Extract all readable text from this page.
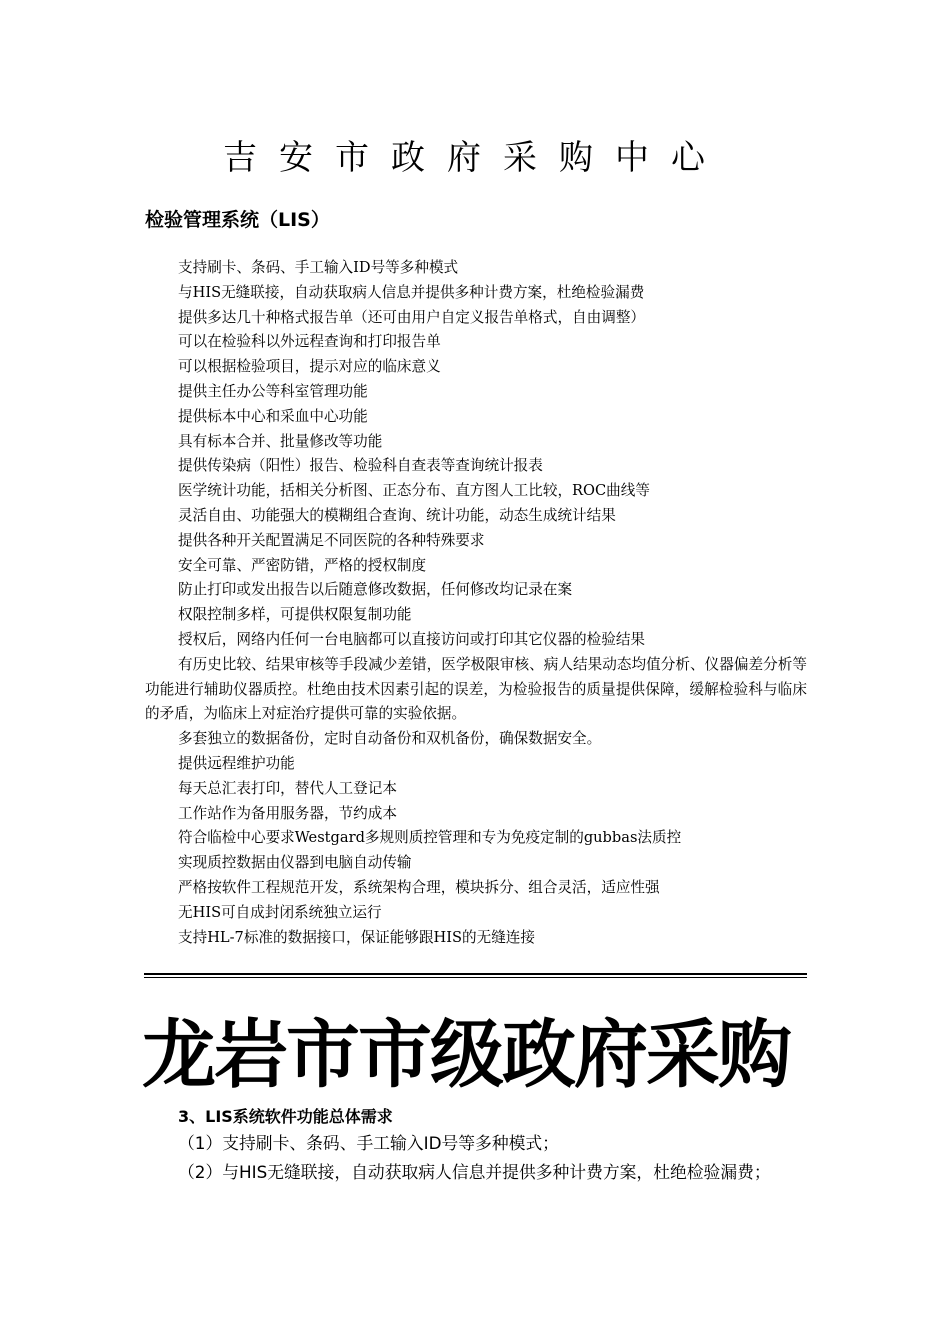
吉安市政府采购中心
检验管理系统（LIS）
支持刷卡、条码、手工输入ID号等多种模式
与HIS无缝联接，自动获取病人信息并提供多种计费方案，杜绝检验漏费
提供多达几十种格式报告单（还可由用户自定义报告单格式，自由调整）
可以在检验科以外远程查询和打印报告单
可以根据检验项目，提示对应的临床意义
提供主任办公等科室管理功能
提供标本中心和采血中心功能
具有标本合并、批量修改等功能
提供传染病（阳性）报告、检验科自查表等查询统计报表
医学统计功能，括相关分析图、正态分布、直方图人工比较，ROC曲线等
灵活自由、功能强大的模糊组合查询、统计功能，动态生成统计结果
提供各种开关配置满足不同医院的各种特殊要求
安全可靠、严密防错，严格的授权制度
防止打印或发出报告以后随意修改数据，任何修改均记录在案
权限控制多样，可提供权限复制功能
授权后，网络内任何一台电脑都可以直接访问或打印其它仪器的检验结果
有历史比较、结果审核等手段减少差错，医学极限审核、病人结果动态均值分析、仪器偏差分析等功能进行辅助仪器质控。杜绝由技术因素引起的误差，为检验报告的质量提供保障，缓解检验科与临床的矛盾，为临床上对症治疗提供可靠的实验依据。
多套独立的数据备份，定时自动备份和双机备份，确保数据安全。
提供远程维护功能
每天总汇表打印，替代人工登记本
工作站作为备用服务器，节约成本
符合临检中心要求Westgard多规则质控管理和专为免疫定制的gubbas法质控
实现质控数据由仪器到电脑自动传输
严格按软件工程规范开发，系统架构合理，模块拆分、组合灵活，适应性强
无HIS可自成封闭系统独立运行
支持HL-7标准的数据接口，保证能够跟HIS的无缝连接
龙岩市市级政府采购
3、LIS系统软件功能总体需求
（1）支持刷卡、条码、手工输入ID号等多种模式；
（2）与HIS无缝联接，自动获取病人信息并提供多种计费方案，杜绝检验漏费；
